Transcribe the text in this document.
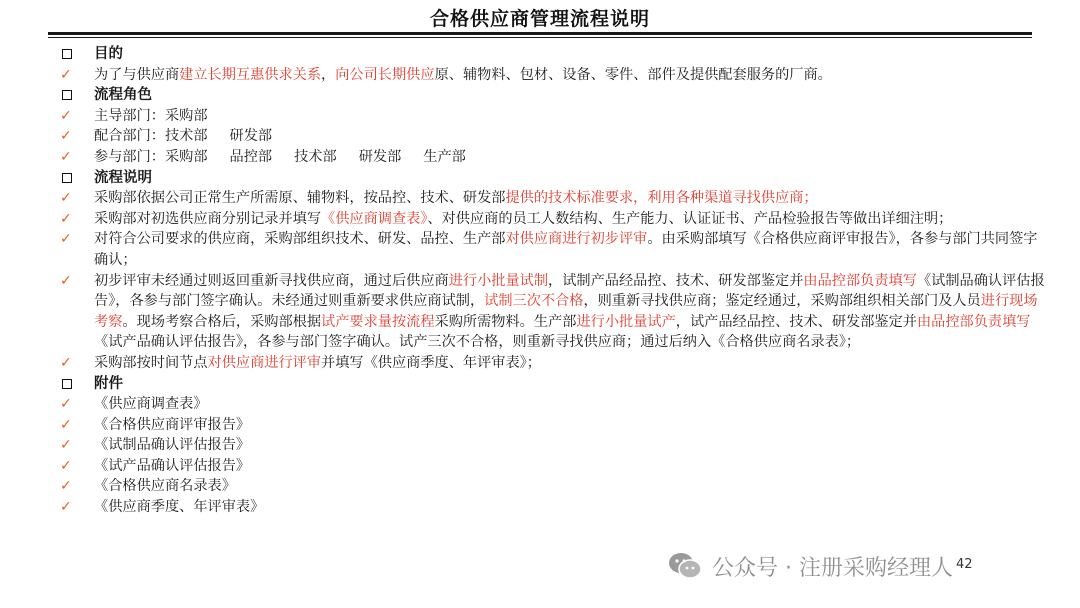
合格供应商管理流程说明
目的
✓ 为了与供应商建立长期互惠供求关系，向公司长期供应原、辅物料、包材、设备、零件、部件及提供配套服务的厂商。
流程角色
✓ 主导部门：采购部
✓ 配合部门：技术部 研发部
✓ 参与部门：采购部 品控部 技术部 研发部 生产部
流程说明
✓ 采购部依据公司正常生产所需原、辅物料，按品控、技术、研发部提供的技术标准要求，利用各种渠道寻找供应商；
✓ 采购部对初选供应商分别记录并填写《供应商调查表》、对供应商的员工人数结构、生产能力、认证证书、产品检验报告等做出详细注明；
✓ 对符合公司要求的供应商，采购部组织技术、研发、品控、生产部对供应商进行初步评审。由采购部填写《合格供应商评审报告》，各参与部门共同签字确认；
✓ 初步评审未经通过则返回重新寻找供应商，通过后供应商进行小批量试制，试制产品经品控、技术、研发部鉴定并由品控部负责填写《试制品确认评估报告》，各参与部门签字确认。未经通过则重新要求供应商试制，试制三次不合格，则重新寻找供应商；鉴定经通过，采购部组织相关部门及人员进行现场考察。现场考察合格后，采购部根据试产要求量按流程采购所需物料。生产部进行小批量试产，试产品经品控、技术、研发部鉴定并由品控部负责填写《试产品确认评估报告》，各参与部门签字确认。试产三次不合格，则重新寻找供应商；通过后纳入《合格供应商名录表》；
✓ 采购部按时间节点对供应商进行评审并填写《供应商季度、年评审表》；
附件
✓ 《供应商调查表》
✓ 《合格供应商评审报告》
✓ 《试制品确认评估报告》
✓ 《试产品确认评估报告》
✓ 《合格供应商名录表》
✓ 《供应商季度、年评审表》
42
公众号 · 注册采购经理人
